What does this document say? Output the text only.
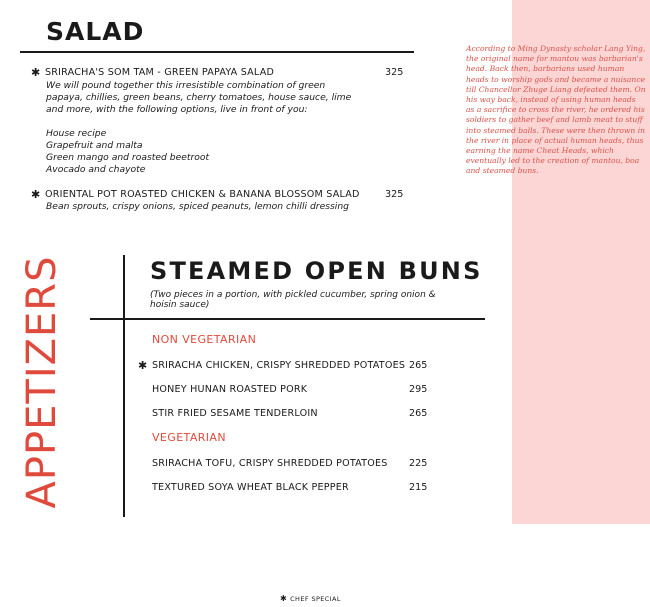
According to Ming Dynasty scholar Lang Ying, the original name for mantou was barbarian's head. Back then, barbarians used human heads to worship gods and became a nuisance till Chancellor Zhuge Liang defeated them. On his way back, instead of using human heads as a sacrifice to cross the river, he ordered his soldiers to gather beef and lamb meat to stuff into steamed balls. These were then thrown in the river in place of actual human heads, thus earning the name Cheat Heads, which eventually led to the creation of mantou, boa and steamed buns.

SALAD
✱ SRIRACHA'S SOM TAM - GREEN PAPAYA SALAD	325

We will pound together this irresistible combination of green

papaya, chillies, green beans, cherry tomatoes, house sauce, lime

and more, with the following options, live in front of you:

House recipe

Grapefruit and malta

Green mango and roasted beetroot

Avocado and chayote

✱ ORIENTAL POT ROASTED CHICKEN & BANANA BLOSSOM SALAD	325

Bean sprouts, crispy onions, spiced peanuts, lemon chilli dressing

APPETIZERS	STEAMED OPEN BUNS

(Two pieces in a portion, with pickled cucumber, spring onion & hoisin sauce)

NON VEGETARIAN

✱ SRIRACHA CHICKEN, CRISPY SHREDDED POTATOES 265
HONEY HUNAN ROASTED PORK	295
STIR FRIED SESAME TENDERLOIN	265

VEGETARIAN

SRIRACHA TOFU, CRISPY SHREDDED POTATOES 225
TEXTURED SOYA WHEAT BLACK PEPPER	215
✱ CHEF SPECIAL
